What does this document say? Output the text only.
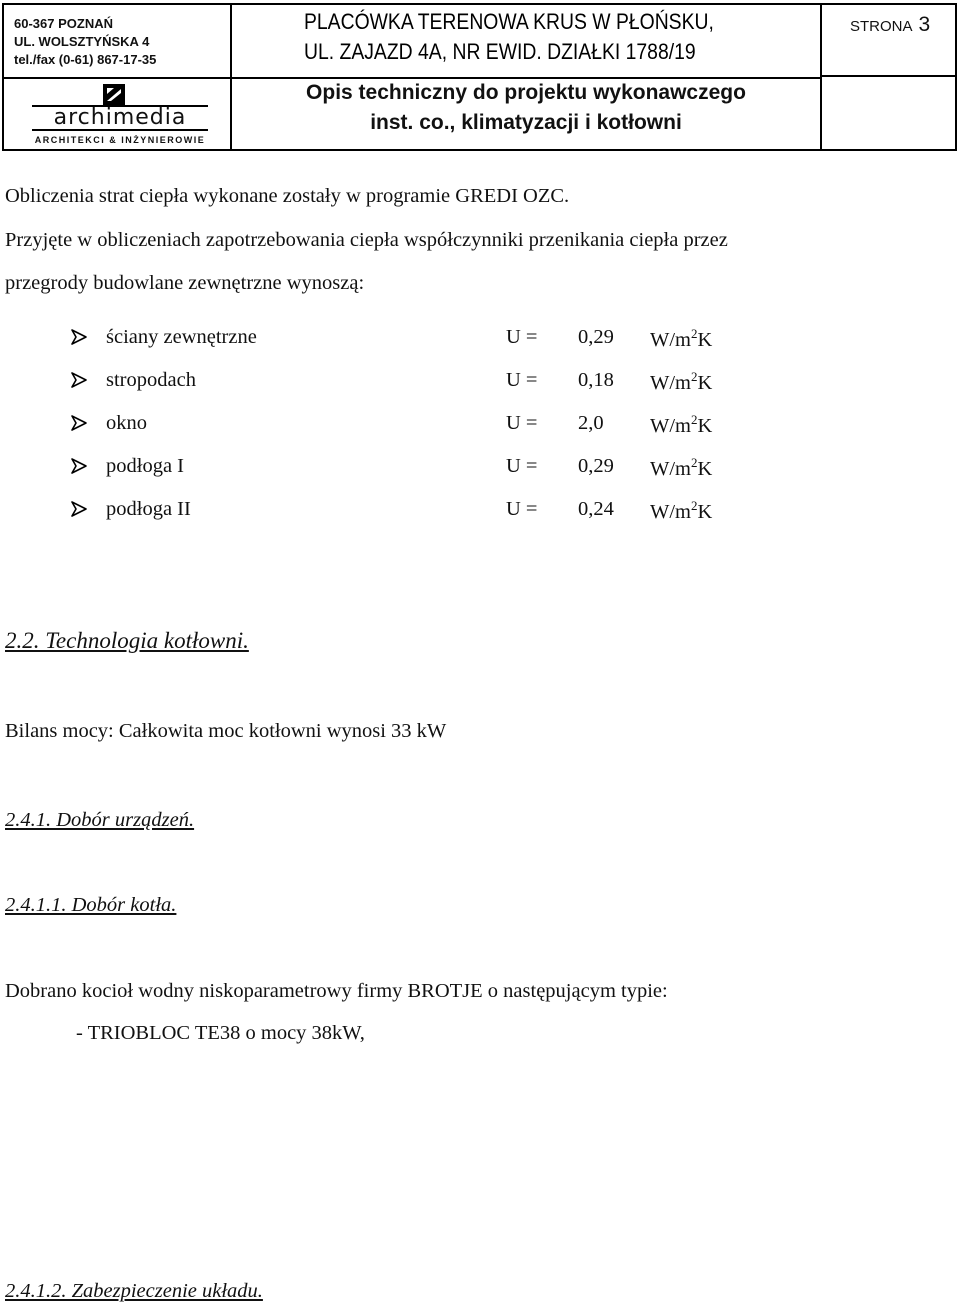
60-367 POZNAŃ
UL. WOLSZTYŃSKA 4
tel./fax (0-61) 867-17-35
archimedia
ARCHITEKCI & INŻYNIEROWIE
PLACÓWKA TERENOWA KRUS W PŁOŃSKU,
UL. ZAJAZD 4A, NR EWID. DZIAŁKI 1788/19
Opis techniczny do projektu wykonawczego
inst. co., klimatyzacji i kotłowni
STRONA 3
Obliczenia strat ciepła wykonane zostały w programie GREDI OZC.
Przyjęte w obliczeniach zapotrzebowania ciepła współczynniki przenikania ciepła przez
przegrody budowlane zewnętrzne wynoszą:
ściany zewnętrzne	U = 0,29 $W/m^2K$
stropodach	U = 0,18 $W/m^2K$
okno	U = 2,0 $W/m^2K$
podłoga I	U = 0,29 $W/m^2K$
podłoga II	U = 0,24 $W/m^2K$
2.2. Technologia kotłowni.
Bilans mocy: Całkowita moc kotłowni wynosi 33 kW
2.4.1. Dobór urządzeń.
2.4.1.1. Dobór kotła.
Dobrano kocioł wodny niskoparametrowy firmy BROTJE o następującym typie:
- TRIOBLOC TE38 o mocy 38kW,
2.4.1.2. Zabezpieczenie układu.
